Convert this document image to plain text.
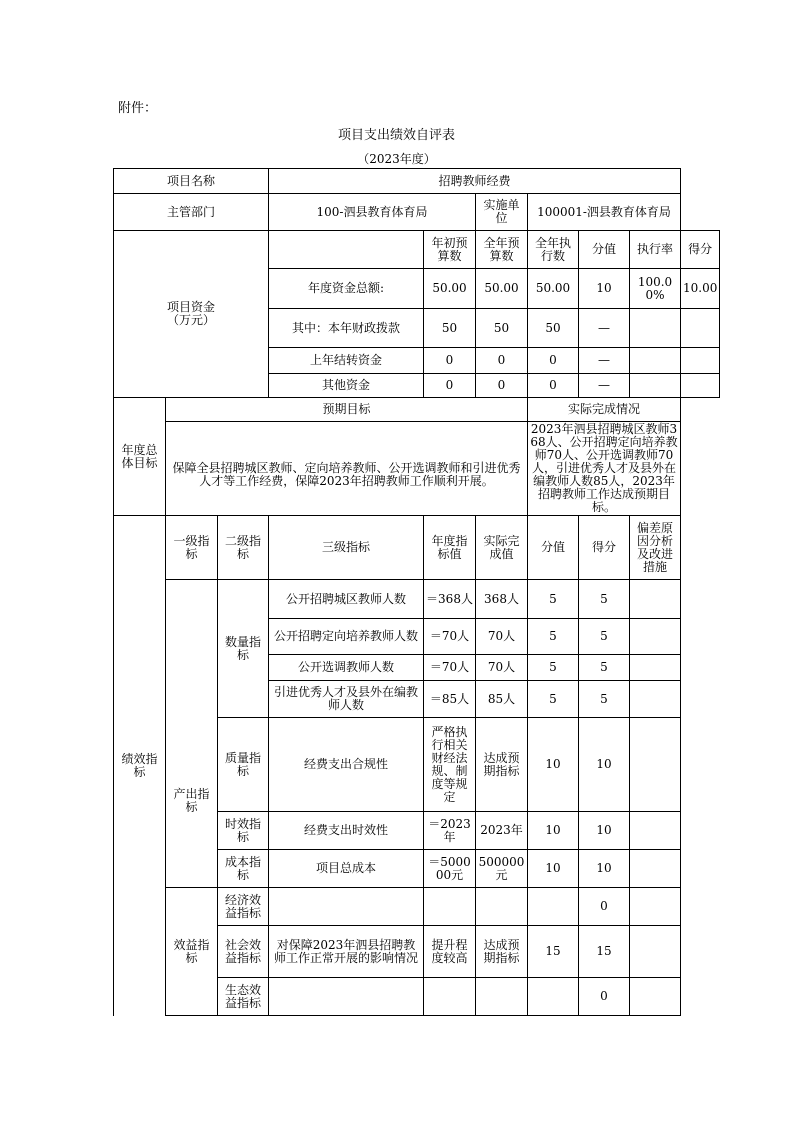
附件：
项目支出绩效自评表
（2023年度）
项目名称			招聘教师经费						
主管部门			100-泗县教育体育局		实施单位	100001-泗县教育体育局			
项目资金
（万元）				年初预算数	全年预算数	全年执行数	分值	执行率	得分
			年度资金总额:	50.00	50.00	50.00	10	100.00%	10.00
			其中：本年财政拨款	50	50	50	—		
			上年结转资金	0	0	0	—		
			其他资金	0	0	0	—		
年度总体目标	预期目标					实际完成情况			
	保障全县招聘城区教师、定向培养教师、公开选调教师和引进优秀人才等工作经费，保障2023年招聘教师工作顺利开展。					2023年泗县招聘城区教师368人、公开招聘定向培养教师70人、公开选调教师70人，引进优秀人才及县外在编教师人数85人，2023年招聘教师工作达成预期目标。			
绩效指标	一级指标	二级指标	三级指标	年度指标值	实际完成值	分值	得分	偏差原因分析及改进措施	
	产出指标	数量指标	公开招聘城区教师人数	＝368人	368人	5	5		
			公开招聘定向培养教师人数	＝70人	70人	5	5		
			公开选调教师人数	＝70人	70人	5	5		
			引进优秀人才及县外在编教师人数	＝85人	85人	5	5		
		质量指标	经费支出合规性	严格执行相关财经法规、制度等规定	达成预期指标	10	10		
		时效指标	经费支出时效性	＝2023年	2023年	10	10		
		成本指标	项目总成本	＝500000元	500000元	10	10		
	效益指标	经济效益指标					0		
		社会效益指标	对保障2023年泗县招聘教师工作正常开展的影响情况	提升程度较高	达成预期指标	15	15		
		生态效益指标					0		
